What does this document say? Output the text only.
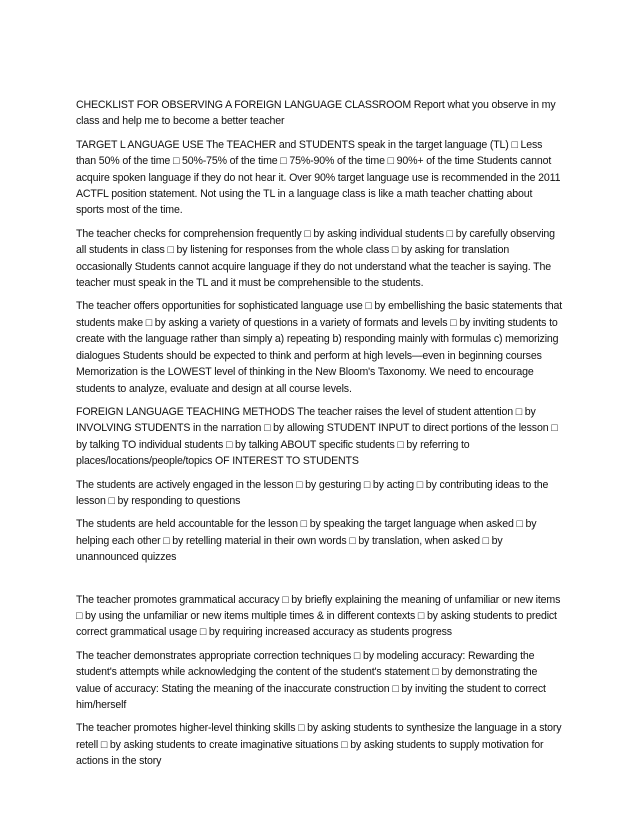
CHECKLIST FOR OBSERVING A FOREIGN LANGUAGE CLASSROOM Report what you observe in my class and help me to become a better teacher

TARGET L ANGUAGE USE The TEACHER and STUDENTS speak in the target language (TL) □ Less than 50% of the time □ 50%-75% of the time □ 75%-90% of the time □ 90%+ of the time Students cannot acquire spoken language if they do not hear it. Over 90% target language use is recommended in the 2011 ACTFL position statement. Not using the TL in a language class is like a math teacher chatting about sports most of the time.

The teacher checks for comprehension frequently □ by asking individual students □ by carefully observing all students in class □ by listening for responses from the whole class □ by asking for translation occasionally Students cannot acquire language if they do not understand what the teacher is saying. The teacher must speak in the TL and it must be comprehensible to the students.

The teacher offers opportunities for sophisticated language use □ by embellishing the basic statements that students make □ by asking a variety of questions in a variety of formats and levels □ by inviting students to create with the language rather than simply a) repeating b) responding mainly with formulas c) memorizing dialogues Students should be expected to think and perform at high levels—even in beginning courses Memorization is the LOWEST level of thinking in the New Bloom's Taxonomy. We need to encourage students to analyze, evaluate and design at all course levels.

FOREIGN LANGUAGE TEACHING METHODS The teacher raises the level of student attention □ by INVOLVING STUDENTS in the narration □ by allowing STUDENT INPUT to direct portions of the lesson □ by talking TO individual students □ by talking ABOUT specific students □ by referring to places/locations/people/topics OF INTEREST TO STUDENTS

The students are actively engaged in the lesson □ by gesturing □ by acting □ by contributing ideas to the lesson □ by responding to questions

The students are held accountable for the lesson □ by speaking the target language when asked □ by helping each other □ by retelling material in their own words □ by translation, when asked □ by unannounced quizzes

The teacher promotes grammatical accuracy □ by briefly explaining the meaning of unfamiliar or new items □ by using the unfamiliar or new items multiple times & in different contexts □ by asking students to predict correct grammatical usage □ by requiring increased accuracy as students progress

The teacher demonstrates appropriate correction techniques □ by modeling accuracy: Rewarding the student's attempts while acknowledging the content of the student's statement □ by demonstrating the value of accuracy: Stating the meaning of the inaccurate construction □ by inviting the student to correct him/herself

The teacher promotes higher-level thinking skills □ by asking students to synthesize the language in a story retell □ by asking students to create imaginative situations □ by asking students to supply motivation for actions in the story
